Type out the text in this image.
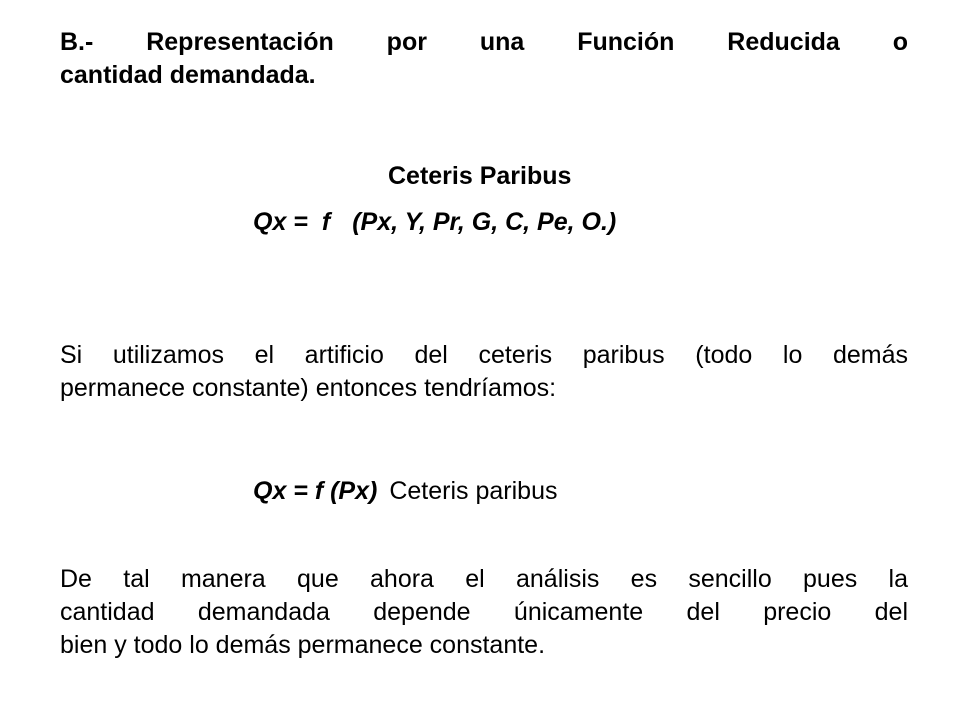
B.- Representación por una Función Reducida o
cantidad demandada.
Ceteris Paribus
Qx = f (Px, Y, Pr, G, C, Pe, O.)
Si utilizamos el artificio del ceteris paribus (todo lo demás
permanece constante) entonces tendríamos:
Qx = f (Px) Ceteris paribus
De tal manera que ahora el análisis es sencillo pues la
cantidad demandada depende únicamente del precio del
bien y todo lo demás permanece constante.
